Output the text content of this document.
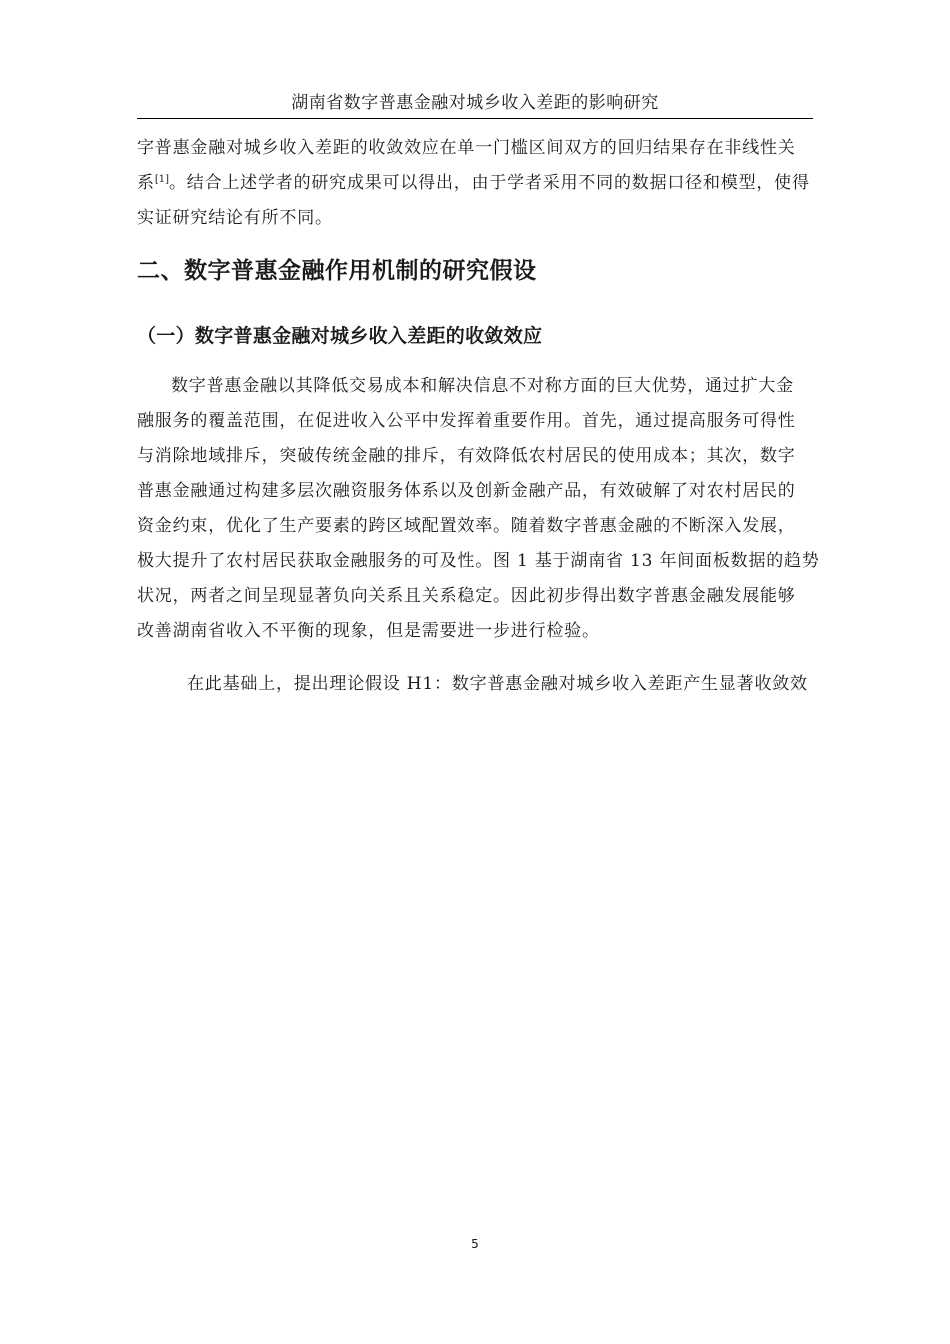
湖南省数字普惠金融对城乡收入差距的影响研究
字普惠金融对城乡收入差距的收敛效应在单一门槛区间双方的回归结果存在非线性关
系[1]。结合上述学者的研究成果可以得出，由于学者采用不同的数据口径和模型，使得
实证研究结论有所不同。
二、数字普惠金融作用机制的研究假设
（一）数字普惠金融对城乡收入差距的收敛效应
数字普惠金融以其降低交易成本和解决信息不对称方面的巨大优势，通过扩大金
融服务的覆盖范围，在促进收入公平中发挥着重要作用。首先，通过提高服务可得性
与消除地域排斥，突破传统金融的排斥，有效降低农村居民的使用成本；其次，数字
普惠金融通过构建多层次融资服务体系以及创新金融产品，有效破解了对农村居民的
资金约束，优化了生产要素的跨区域配置效率。随着数字普惠金融的不断深入发展，
极大提升了农村居民获取金融服务的可及性。图 1 基于湖南省 13 年间面板数据的趋势
状况，两者之间呈现显著负向关系且关系稳定。因此初步得出数字普惠金融发展能够
改善湖南省收入不平衡的现象，但是需要进一步进行检验。
在此基础上，提出理论假设 H1：数字普惠金融对城乡收入差距产生显著收敛效
5
